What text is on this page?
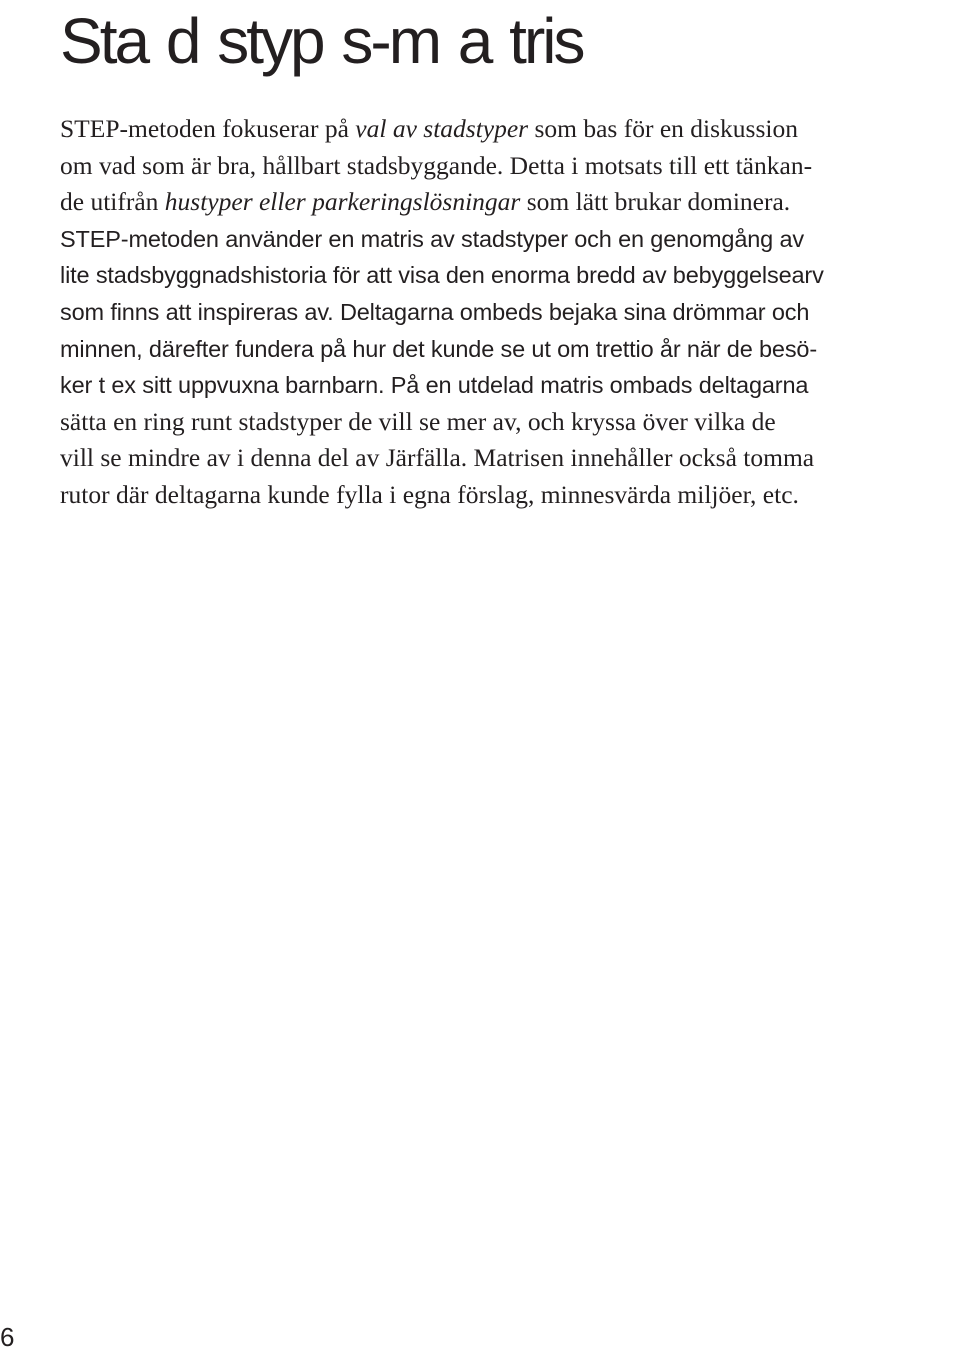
Sta d styp s-m a tris
STEP-metoden fokuserar på val av stadstyper som bas för en diskussion
om vad som är bra, hållbart stadsbyggande. Detta i motsats till ett tänkan-
de utifrån hustyper eller parkeringslösningar som lätt brukar dominera.
STEP-metoden använder en matris av stadstyper och en genomgång av
lite stadsbyggnadshistoria för att visa den enorma bredd av bebyggelsearv
som finns att inspireras av. Deltagarna ombeds bejaka sina drömmar och
minnen, därefter fundera på hur det kunde se ut om trettio år när de besö-
ker t ex sitt uppvuxna barnbarn. På en utdelad matris ombads deltagarna
sätta en ring runt stadstyper de vill se mer av, och kryssa över vilka de
vill se mindre av i denna del av Järfälla. Matrisen innehåller också tomma
rutor där deltagarna kunde fylla i egna förslag, minnesvärda miljöer, etc.
6
